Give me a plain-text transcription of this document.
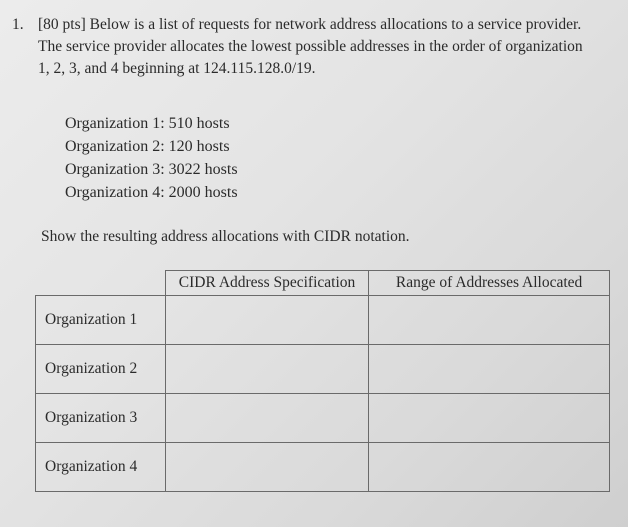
1. [80 pts] Below is a list of requests for network address allocations to a service provider.

The service provider allocates the lowest possible addresses in the order of organization

1, 2, 3, and 4 beginning at 124.115.128.0/19.

Organization 1: 510 hosts
Organization 2: 120 hosts
Organization 3: 3022 hosts
Organization 4: 2000 hosts
Show the resulting address allocations with CIDR notation.
	CIDR Address Specification	Range of Addresses Allocated
Organization 1		
Organization 2		
Organization 3		
Organization 4		
